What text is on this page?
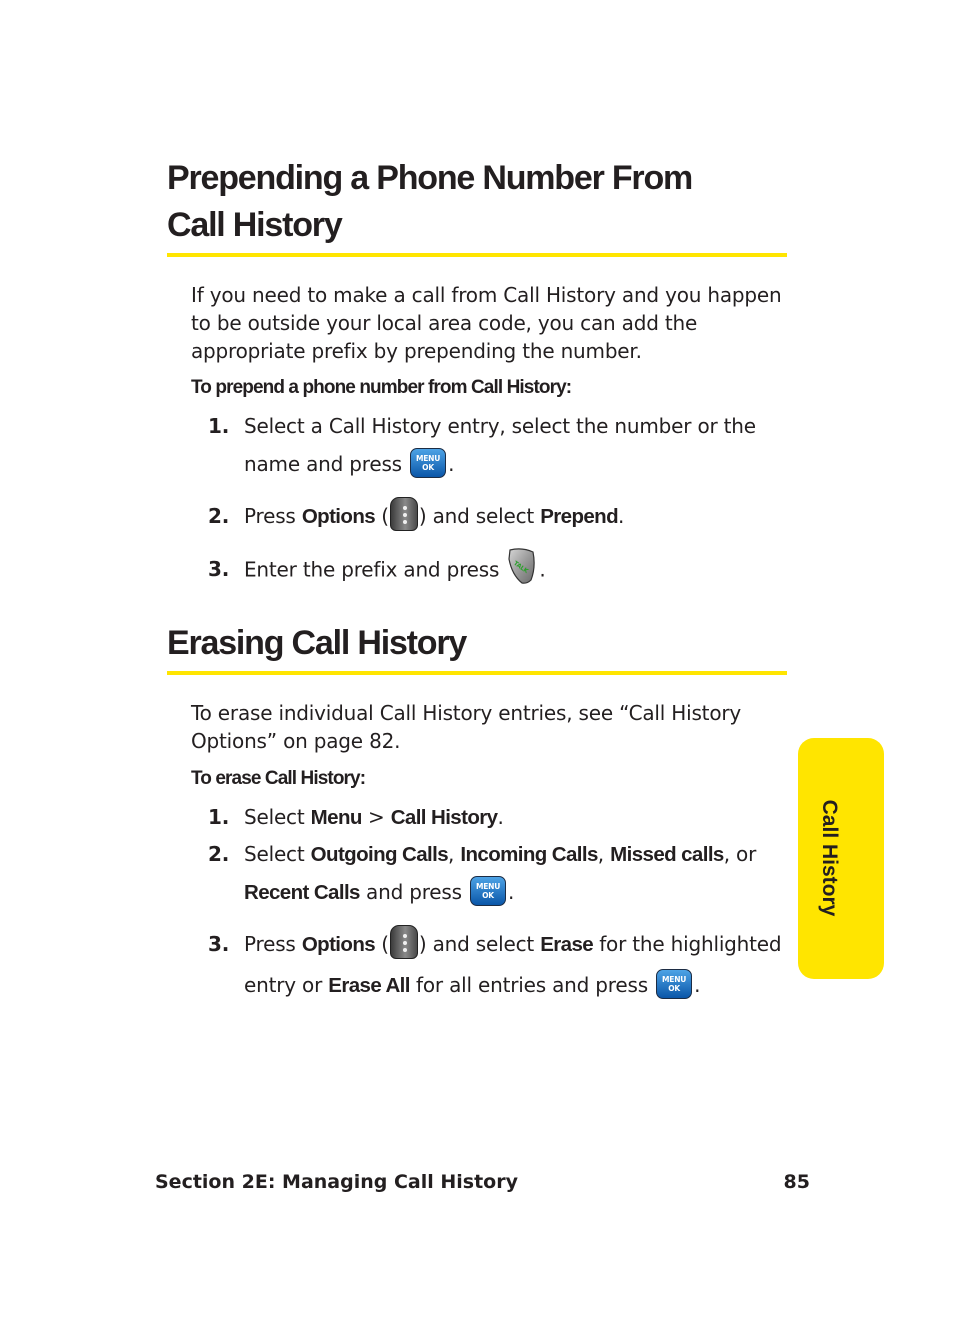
Prepending a Phone Number From
Call History

If you need to make a call from Call History and you happen
to be outside your local area code, you can add the
appropriate prefix by prepending the number.

To prepend a phone number from Call History:

1. Select a Call History entry, select the number or the
name and press	MENU
OK .
2. Press Options ( ) and select Prepend.
3. Enter the prefix and press TALK .
Erasing Call History

To erase individual Call History entries, see “Call History
Options” on page 82.

To erase Call History:

1. Select Menu > Call History.
2. Select Outgoing Calls, Incoming Calls, Missed calls, or
Recent Calls and press	MENU
OK .
3. Press Options ( ) and select Erase for the highlighted
entry or Erase All for all entries and press	MENU
OK .
Call History
Section 2E: Managing Call History	85
